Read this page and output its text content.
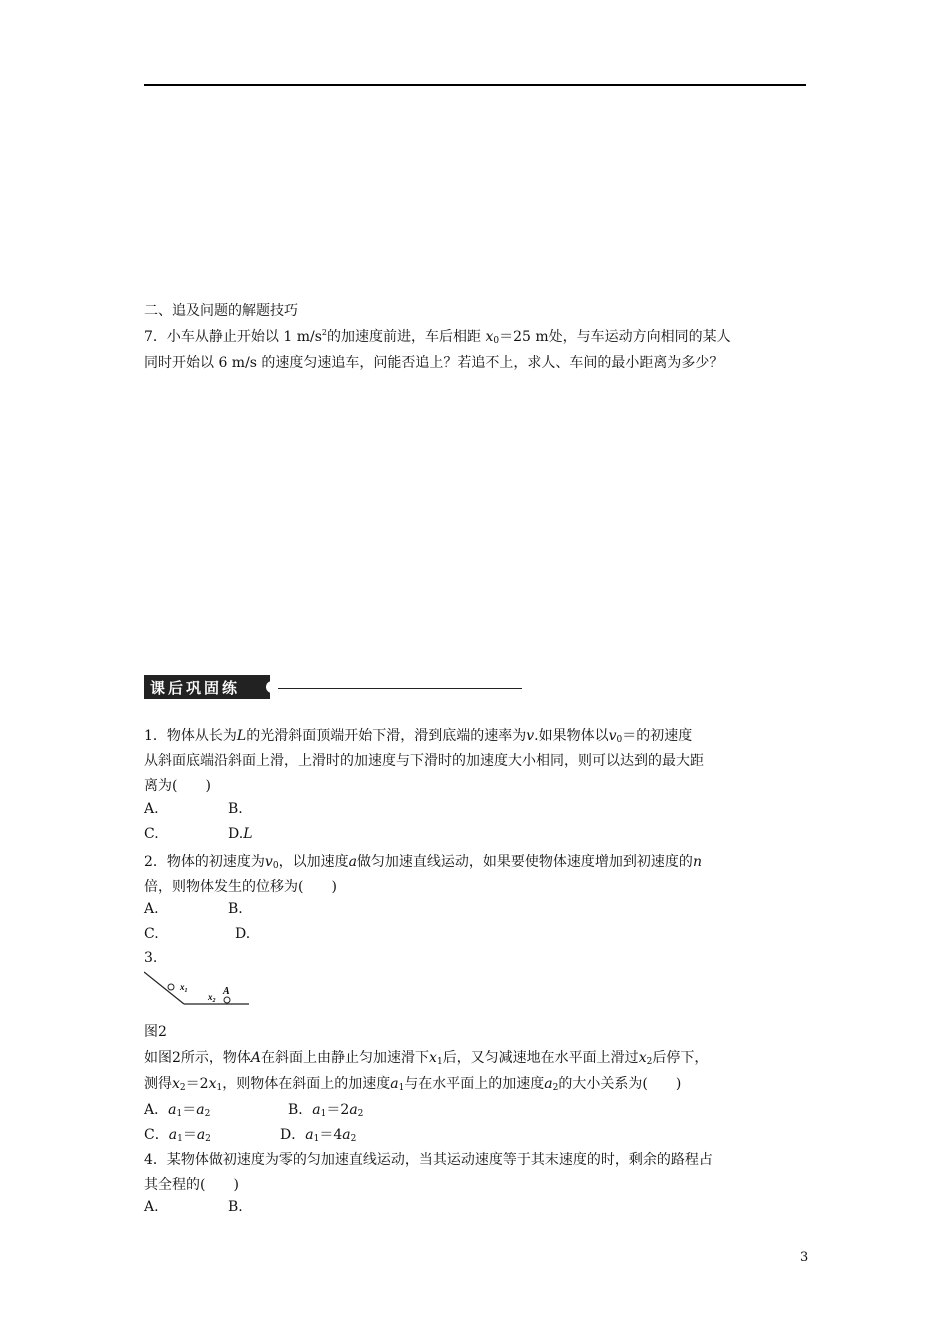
二、追及问题的解题技巧
7．小车从静止开始以 1 $m/s^2$的加速度前进，车后相距 $x_0=25$ m处，与车运动方向相同的某人
同时开始以 6 m/s 的速度匀速追车，问能否追上？若追不上，求人、车间的最小距离为多少？
课后巩固练
1．物体从长为L的光滑斜面顶端开始下滑，滑到底端的速率为v.如果物体以$v_0=$的初速度
从斜面底端沿斜面上滑，上滑时的加速度与下滑时的加速度大小相同，则可以达到的最大距
离为(　　)
A.	B.
C.	D.L
2．物体的初速度为$v_0$，以加速度a做匀加速直线运动，如果要使物体速度增加到初速度的n
倍，则物体发生的位移为(　　)
A.	B.
C.	D.
3.
$x_1$
$x_2$
A
图2
如图2所示，物体A在斜面上由静止匀加速滑下$x_1$后，又匀减速地在水平面上滑过$x_2$后停下，
测得$x_2=2x_1$，则物体在斜面上的加速度$a_1$与在水平面上的加速度$a_2$的大小关系为(　　)
A．$a_1=a_2$	B．$a_1=2a_2$
C．$a_1=a_2$	D．$a_1=4a_2$
4．某物体做初速度为零的匀加速直线运动，当其运动速度等于其末速度的时，剩余的路程占
其全程的(　　)
A.	B.
3
